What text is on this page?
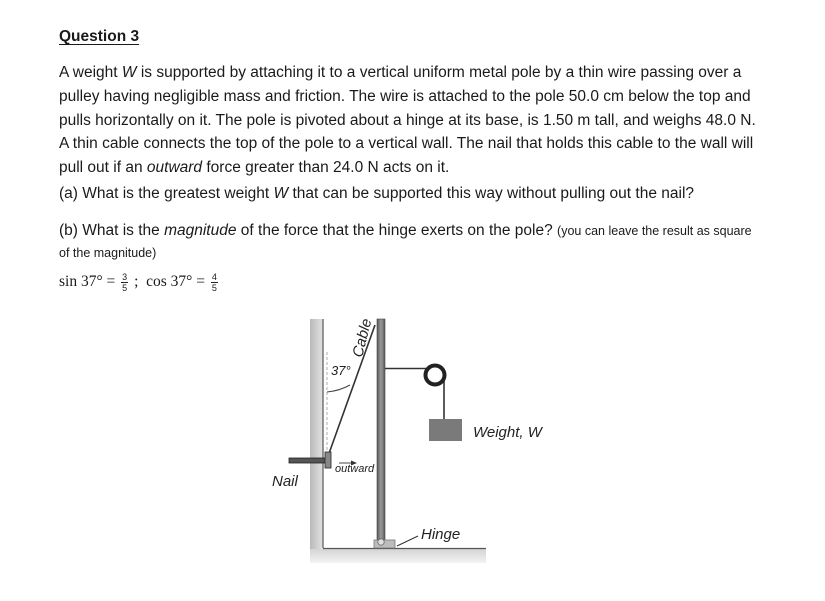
Question 3
A weight W is supported by attaching it to a vertical uniform metal pole by a thin wire passing over a pulley having negligible mass and friction. The wire is attached to the pole 50.0 cm below the top and pulls horizontally on it. The pole is pivoted about a hinge at its base, is 1.50 m tall, and weighs 48.0 N. A thin cable connects the top of the pole to a vertical wall. The nail that holds this cable to the wall will pull out if an outward force greater than 24.0 N acts on it.
(a) What is the greatest weight W that can be supported this way without pulling out the nail?
(b) What is the magnitude of the force that the hinge exerts on the pole? (you can leave the result as square of the magnitude)
$\sin 37^\circ = \frac{3}{5}$ ; $\cos 37^\circ = \frac{4}{5}$
Cable
37°
outward
Nail
Weight, W
Hinge
